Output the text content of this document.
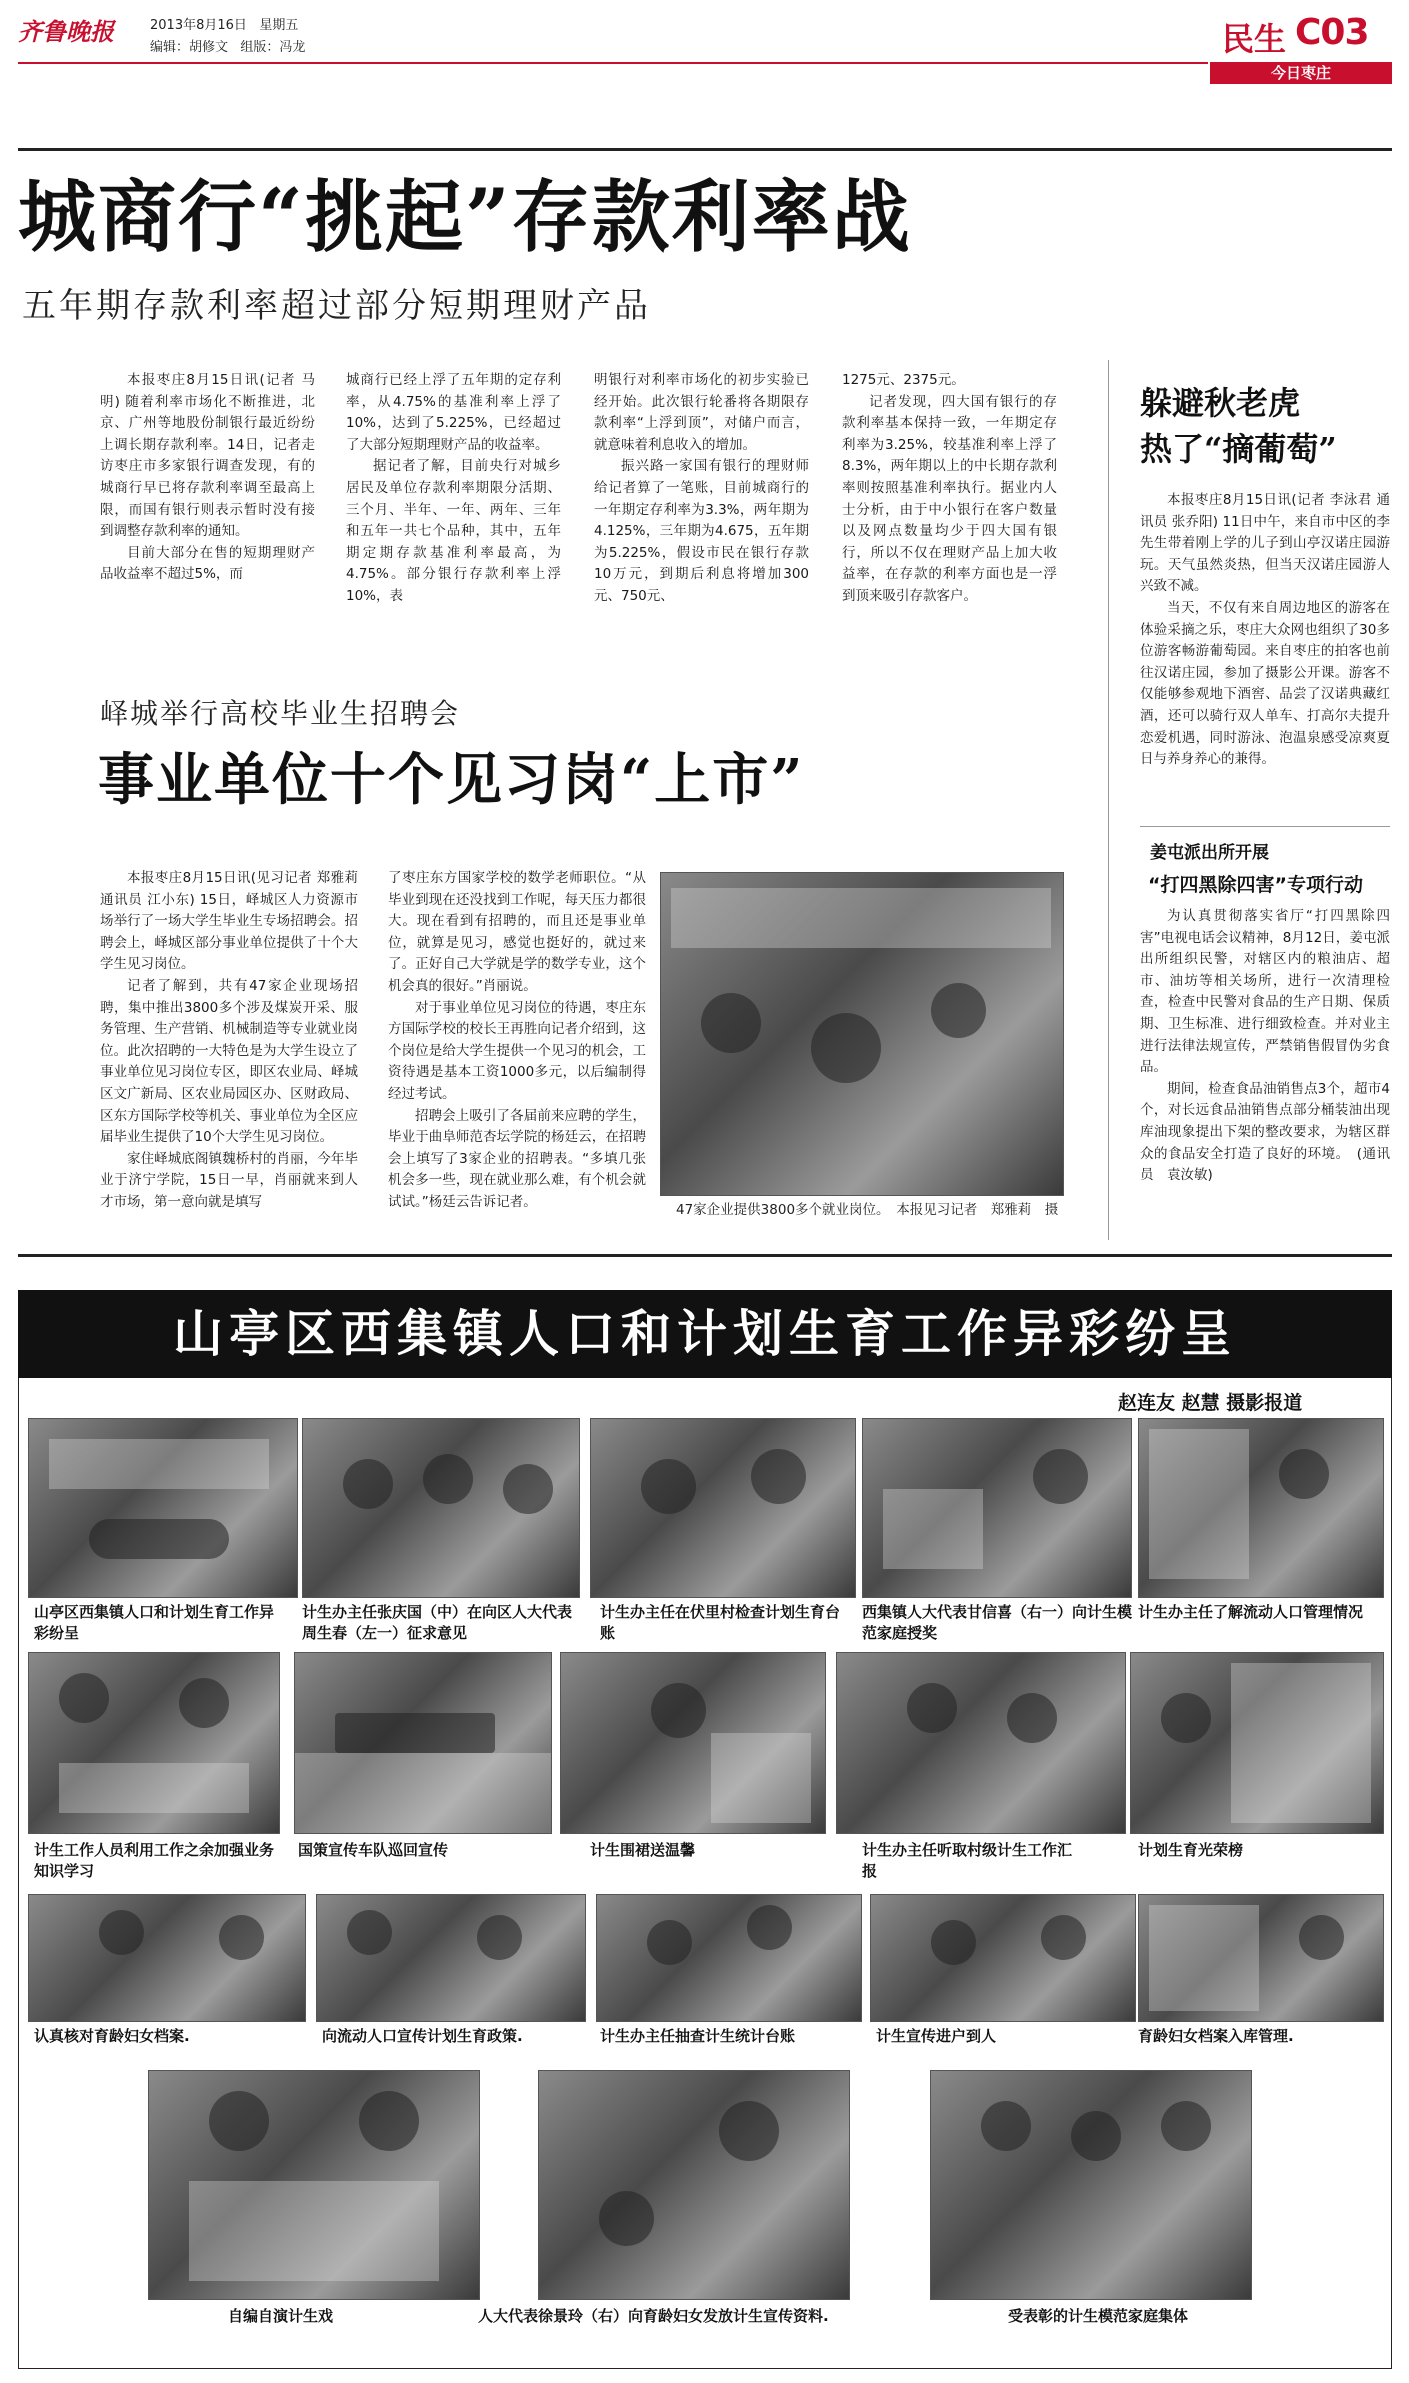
齐鲁晚报	2013年8月16日 星期五
编辑：胡修文 组版：冯龙	民生 C03
今日枣庄
城商行“挑起”存款利率战
五年期存款利率超过部分短期理财产品

本报枣庄8月15日讯(记者 马明) 随着利率市场化不断推进，北京、广州等地股份制银行最近纷纷上调长期存款利率。14日，记者走访枣庄市多家银行调查发现，有的城商行早已将存款利率调至最高上限，而国有银行则表示暂时没有接到调整存款利率的通知。

目前大部分在售的短期理财产品收益率不超过5%，而

城商行已经上浮了五年期的定存利率，从4.75%的基准利率上浮了10%，达到了5.225%，已经超过了大部分短期理财产品的收益率。

据记者了解，目前央行对城乡居民及单位存款利率期限分活期、三个月、半年、一年、两年、三年和五年一共七个品种，其中，五年期定期存款基准利率最高，为4.75%。部分银行存款利率上浮10%，表

明银行对利率市场化的初步实验已经开始。此次银行轮番将各期限存款利率“上浮到顶”，对储户而言，就意味着利息收入的增加。

振兴路一家国有银行的理财师给记者算了一笔账，目前城商行的一年期定存利率为3.3%，两年期为4.125%，三年期为4.675，五年期为5.225%，假设市民在银行存款10万元，到期后利息将增加300元、750元、

1275元、2375元。

记者发现，四大国有银行的存款利率基本保持一致，一年期定存利率为3.25%，较基准利率上浮了8.3%，两年期以上的中长期存款利率则按照基准利率执行。据业内人士分析，由于中小银行在客户数量以及网点数量均少于四大国有银行，所以不仅在理财产品上加大收益率，在存款的利率方面也是一浮到顶来吸引存款客户。

峄城举行高校毕业生招聘会
事业单位十个见习岗“上市”

本报枣庄8月15日讯(见习记者 郑雅莉 通讯员 江小东) 15日，峄城区人力资源市场举行了一场大学生毕业生专场招聘会。招聘会上，峄城区部分事业单位提供了十个大学生见习岗位。

记者了解到，共有47家企业现场招聘，集中推出3800多个涉及煤炭开采、服务管理、生产营销、机械制造等专业就业岗位。此次招聘的一大特色是为大学生设立了事业单位见习岗位专区，即区农业局、峄城区文广新局、区农业局园区办、区财政局、区东方国际学校等机关、事业单位为全区应届毕业生提供了10个大学生见习岗位。

家住峄城底阁镇魏桥村的肖丽，今年毕业于济宁学院，15日一早，肖丽就来到人才市场，第一意向就是填写

了枣庄东方国家学校的数学老师职位。“从毕业到现在还没找到工作呢，每天压力都很大。现在看到有招聘的，而且还是事业单位，就算是见习，感觉也挺好的，就过来了。正好自己大学就是学的数学专业，这个机会真的很好。”肖丽说。

对于事业单位见习岗位的待遇，枣庄东方国际学校的校长王再胜向记者介绍到，这个岗位是给大学生提供一个见习的机会，工资待遇是基本工资1000多元，以后编制得经过考试。

招聘会上吸引了各届前来应聘的学生，毕业于曲阜师范杏坛学院的杨廷云，在招聘会上填写了3家企业的招聘表。“多填几张机会多一些，现在就业那么难，有个机会就试试。”杨廷云告诉记者。

47家企业提供3800多个就业岗位。　本报见习记者　郑雅莉　摄
躲避秋老虎
热了“摘葡萄”

本报枣庄8月15日讯(记者 李泳君 通讯员 张乔阳) 11日中午，来自市中区的李先生带着刚上学的儿子到山亭汉诺庄园游玩。天气虽然炎热，但当天汉诺庄园游人兴致不减。

当天，不仅有来自周边地区的游客在体验采摘之乐，枣庄大众网也组织了30多位游客畅游葡萄园。来自枣庄的拍客也前往汉诺庄园，参加了摄影公开课。游客不仅能够参观地下酒窖、品尝了汉诺典藏红酒，还可以骑行双人单车、打高尔夫提升恋爱机遇，同时游泳、泡温泉感受凉爽夏日与养身养心的兼得。

姜屯派出所开展
“打四黑除四害”专项行动

为认真贯彻落实省厅“打四黑除四害”电视电话会议精神，8月12日，姜屯派出所组织民警，对辖区内的粮油店、超市、油坊等相关场所，进行一次清理检查，检查中民警对食品的生产日期、保质期、卫生标准、进行细致检查。并对业主进行法律法规宣传，严禁销售假冒伪劣食品。

期间，检查食品油销售点3个，超市4个，对长远食品油销售点部分桶装油出现库油现象提出下架的整改要求，为辖区群众的食品安全打造了良好的环境。　(通讯员　袁汝敏)

山亭区西集镇人口和计划生育工作异彩纷呈
赵连友 赵慧 摄影报道
山亭区西集镇人口和计划生育工作异彩纷呈
计生办主任张庆国（中）在向区人大代表周生春（左一）征求意见
计生办主任在伏里村检查计划生育台账
西集镇人大代表甘信喜（右一）向计生模范家庭授奖
计生办主任了解流动人口管理情况
计生工作人员利用工作之余加强业务知识学习
国策宣传车队巡回宣传	计生围裙送温馨	计生办主任听取村级计生工作汇报
计划生育光荣榜
认真核对育龄妇女档案.	向流动人口宣传计划生育政策.	计生办主任抽查计生统计台账	计生宣传进户到人	育龄妇女档案入库管理.
自编自演计生戏	人大代表徐景玲（右）向育龄妇女发放计生宣传资料.	受表彰的计生模范家庭集体
